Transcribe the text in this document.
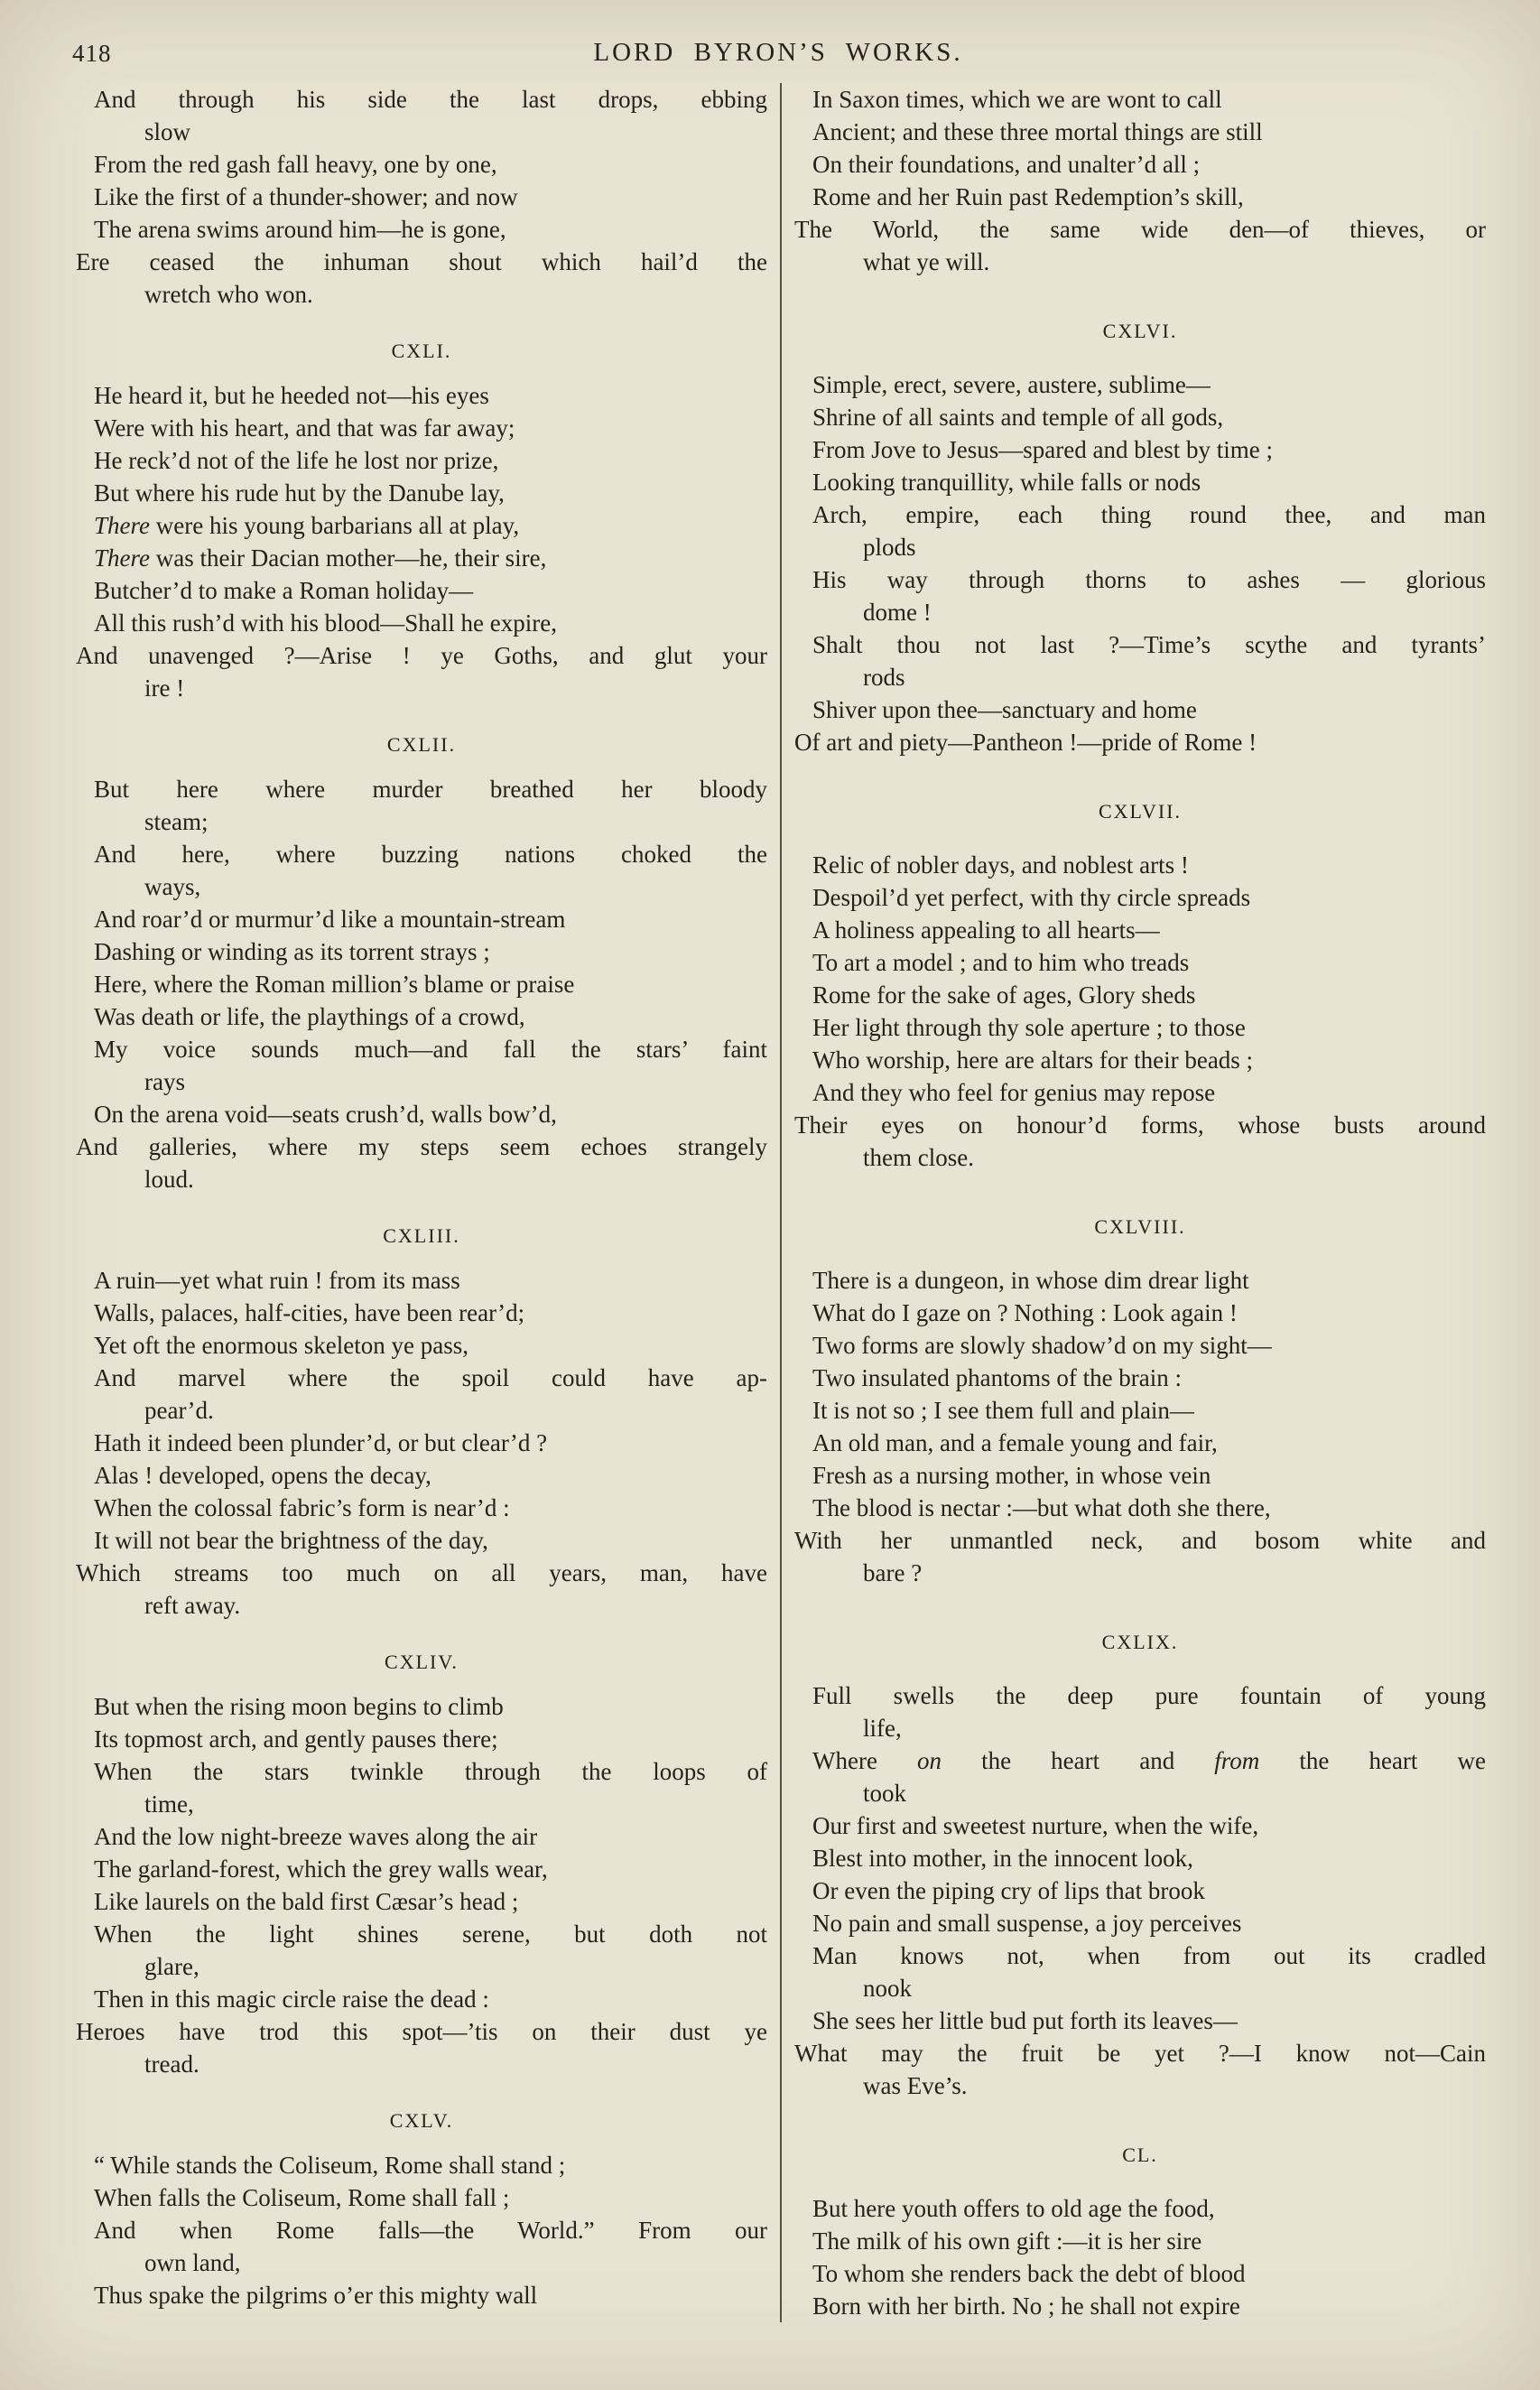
418	LORD BYRON’S WORKS.
And through his side the last drops, ebbing
slow
From the red gash fall heavy, one by one,
Like the first of a thunder-shower; and now
The arena swims around him—he is gone,
Ere ceased the inhuman shout which hail’d the
wretch who won.
CXLI.
He heard it, but he heeded not—his eyes
Were with his heart, and that was far away;
He reck’d not of the life he lost nor prize,
But where his rude hut by the Danube lay,
There were his young barbarians all at play,
There was their Dacian mother—he, their sire,
Butcher’d to make a Roman holiday—
All this rush’d with his blood—Shall he expire,
And unavenged ?—Arise ! ye Goths, and glut your
ire !
CXLII.
But here where murder breathed her bloody
steam;
And here, where buzzing nations choked the
ways,
And roar’d or murmur’d like a mountain-stream
Dashing or winding as its torrent strays ;
Here, where the Roman million’s blame or praise
Was death or life, the playthings of a crowd,
My voice sounds much—and fall the stars’ faint
rays
On the arena void—seats crush’d, walls bow’d,
And galleries, where my steps seem echoes strangely
loud.
CXLIII.
A ruin—yet what ruin ! from its mass
Walls, palaces, half-cities, have been rear’d;
Yet oft the enormous skeleton ye pass,
And marvel where the spoil could have ap-
pear’d.
Hath it indeed been plunder’d, or but clear’d ?
Alas ! developed, opens the decay,
When the colossal fabric’s form is near’d :
It will not bear the brightness of the day,
Which streams too much on all years, man, have
reft away.
CXLIV.
But when the rising moon begins to climb
Its topmost arch, and gently pauses there;
When the stars twinkle through the loops of
time,
And the low night-breeze waves along the air
The garland-forest, which the grey walls wear,
Like laurels on the bald first Cæsar’s head ;
When the light shines serene, but doth not
glare,
Then in this magic circle raise the dead :
Heroes have trod this spot—’tis on their dust ye
tread.
CXLV.
“ While stands the Coliseum, Rome shall stand ;
When falls the Coliseum, Rome shall fall ;
And when Rome falls—the World.” From our
own land,
Thus spake the pilgrims o’er this mighty wall
In Saxon times, which we are wont to call
Ancient; and these three mortal things are still
On their foundations, and unalter’d all ;
Rome and her Ruin past Redemption’s skill,
The World, the same wide den—of thieves, or
what ye will.
CXLVI.
Simple, erect, severe, austere, sublime—
Shrine of all saints and temple of all gods,
From Jove to Jesus—spared and blest by time ;
Looking tranquillity, while falls or nods
Arch, empire, each thing round thee, and man
plods
His way through thorns to ashes — glorious
dome !
Shalt thou not last ?—Time’s scythe and tyrants’
rods
Shiver upon thee—sanctuary and home
Of art and piety—Pantheon !—pride of Rome !
CXLVII.
Relic of nobler days, and noblest arts !
Despoil’d yet perfect, with thy circle spreads
A holiness appealing to all hearts—
To art a model ; and to him who treads
Rome for the sake of ages, Glory sheds
Her light through thy sole aperture ; to those
Who worship, here are altars for their beads ;
And they who feel for genius may repose
Their eyes on honour’d forms, whose busts around
them close.
CXLVIII.
There is a dungeon, in whose dim drear light
What do I gaze on ? Nothing : Look again !
Two forms are slowly shadow’d on my sight—
Two insulated phantoms of the brain :
It is not so ; I see them full and plain—
An old man, and a female young and fair,
Fresh as a nursing mother, in whose vein
The blood is nectar :—but what doth she there,
With her unmantled neck, and bosom white and
bare ?
CXLIX.
Full swells the deep pure fountain of young
life,
Where on the heart and from the heart we
took
Our first and sweetest nurture, when the wife,
Blest into mother, in the innocent look,
Or even the piping cry of lips that brook
No pain and small suspense, a joy perceives
Man knows not, when from out its cradled
nook
She sees her little bud put forth its leaves—
What may the fruit be yet ?—I know not—Cain
was Eve’s.
CL.
But here youth offers to old age the food,
The milk of his own gift :—it is her sire
To whom she renders back the debt of blood
Born with her birth. No ; he shall not expire
